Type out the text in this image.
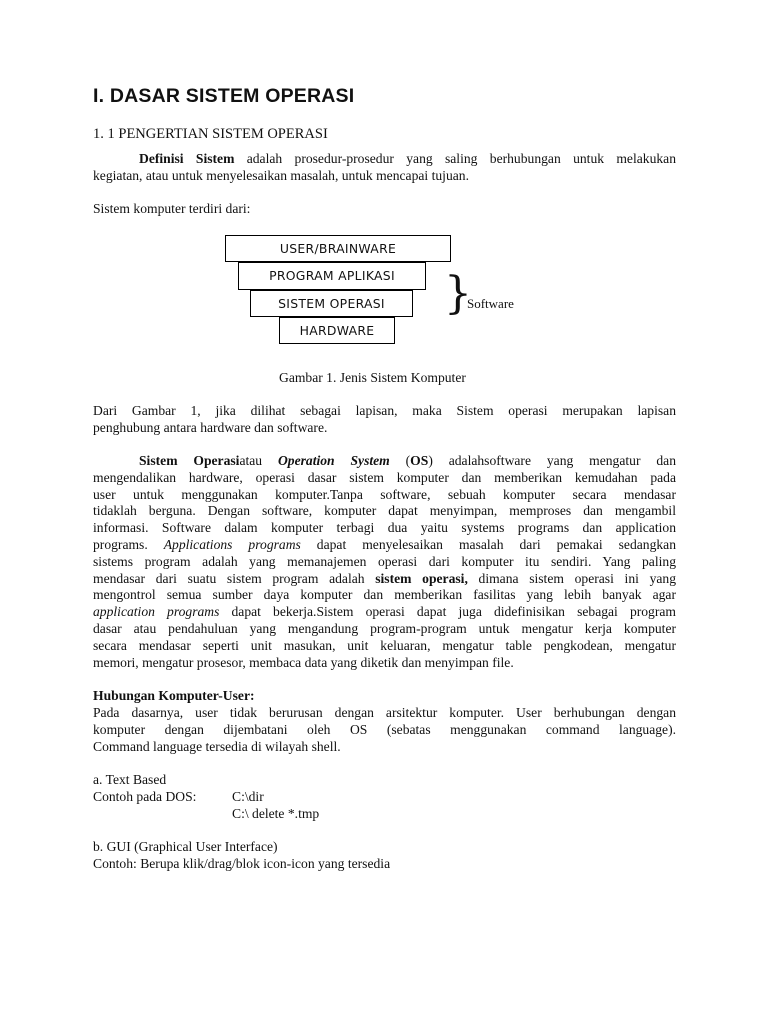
I. DASAR SISTEM OPERASI
1. 1 PENGERTIAN SISTEM OPERASI
Definisi Sistem adalah prosedur-prosedur yang saling berhubungan untuk melakukan
kegiatan, atau untuk menyelesaikan masalah, untuk mencapai tujuan.
Sistem komputer terdiri dari:
USER/BRAINWARE
PROGRAM APLIKASI
SISTEM OPERASI
HARDWARE
}
Software
Gambar 1. Jenis Sistem Komputer
Dari Gambar 1, jika dilihat sebagai lapisan, maka Sistem operasi merupakan lapisan
penghubung antara hardware dan software.
Sistem Operasiatau Operation System (OS) adalahsoftware yang mengatur dan
mengendalikan hardware, operasi dasar sistem komputer dan memberikan kemudahan pada
user untuk menggunakan komputer.Tanpa software, sebuah komputer secara mendasar
tidaklah berguna. Dengan software, komputer dapat menyimpan, memproses dan mengambil
informasi. Software dalam komputer terbagi dua yaitu systems programs dan application
programs. Applications programs dapat menyelesaikan masalah dari pemakai sedangkan
sistems program adalah yang memanajemen operasi dari komputer itu sendiri. Yang paling
mendasar dari suatu sistem program adalah sistem operasi, dimana sistem operasi ini yang
mengontrol semua sumber daya komputer dan memberikan fasilitas yang lebih banyak agar
application programs dapat bekerja.Sistem operasi dapat juga didefinisikan sebagai program
dasar atau pendahuluan yang mengandung program-program untuk mengatur kerja komputer
secara mendasar seperti unit masukan, unit keluaran, mengatur table pengkodean, mengatur
memori, mengatur prosesor, membaca data yang diketik dan menyimpan file.
Hubungan Komputer-User:
Pada dasarnya, user tidak berurusan dengan arsitektur komputer. User berhubungan dengan
komputer dengan dijembatani oleh OS (sebatas menggunakan command language).
Command language tersedia di wilayah shell.
a. Text Based
Contoh pada DOS:	C:\dir
C:\ delete *.tmp
b. GUI (Graphical User Interface)
Contoh: Berupa klik/drag/blok icon-icon yang tersedia
